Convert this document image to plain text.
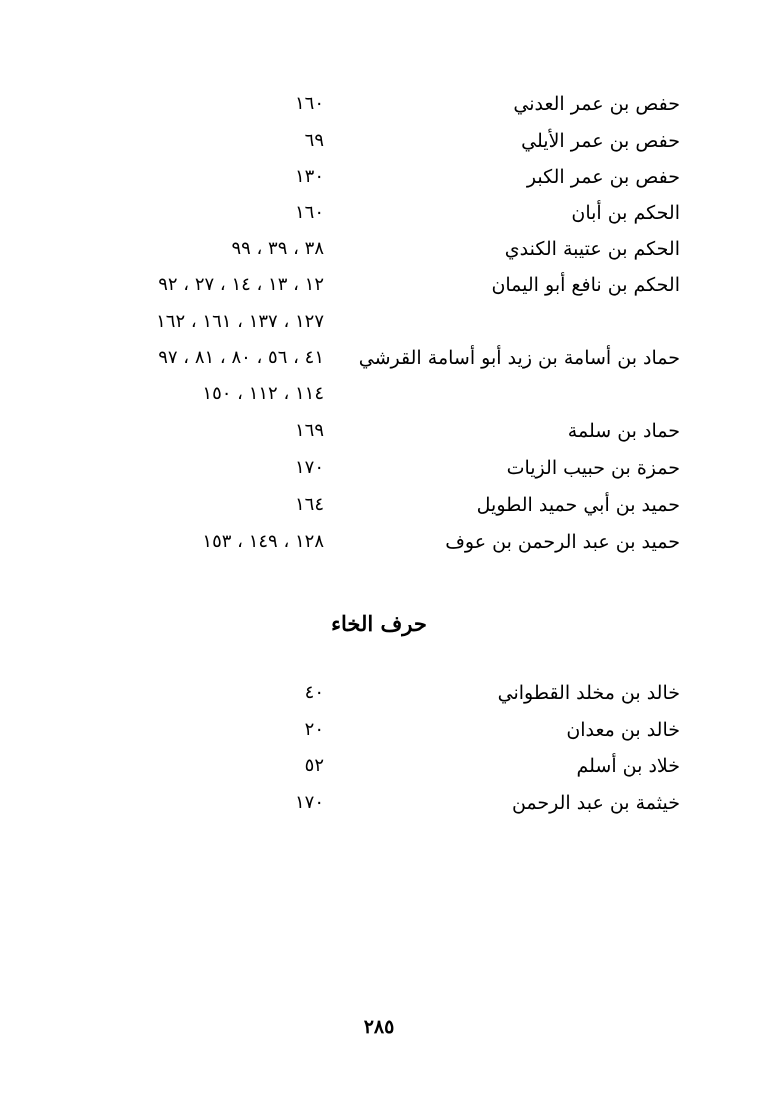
حفص بن عمر العدني
١٦٠
حفص بن عمر الأيلي
٦٩
حفص بن عمر الكبر
١٣٠
الحكم بن أبان
١٦٠
الحكم بن عتيبة الكندي
٣٨ ، ٣٩ ، ٩٩
الحكم بن نافع أبو اليمان
١٢ ، ١٣ ، ١٤ ، ٢٧ ، ٩٢
١٢٧ ، ١٣٧ ، ١٦١ ، ١٦٢
حماد بن أسامة بن زيد أبو أسامة القرشي
٤١ ، ٥٦ ، ٨٠ ، ٨١ ، ٩٧
١١٤ ، ١١٢ ، ١٥٠
حماد بن سلمة
١٦٩
حمزة بن حبيب الزيات
١٧٠
حميد بن أبي حميد الطويل
١٦٤
حميد بن عبد الرحمن بن عوف
١٢٨ ، ١٤٩ ، ١٥٣
حرف الخاء
خالد بن مخلد القطواني
٤٠
خالد بن معدان
٢٠
خلاد بن أسلم
٥٢
خيثمة بن عبد الرحمن
١٧٠
٢٨٥
